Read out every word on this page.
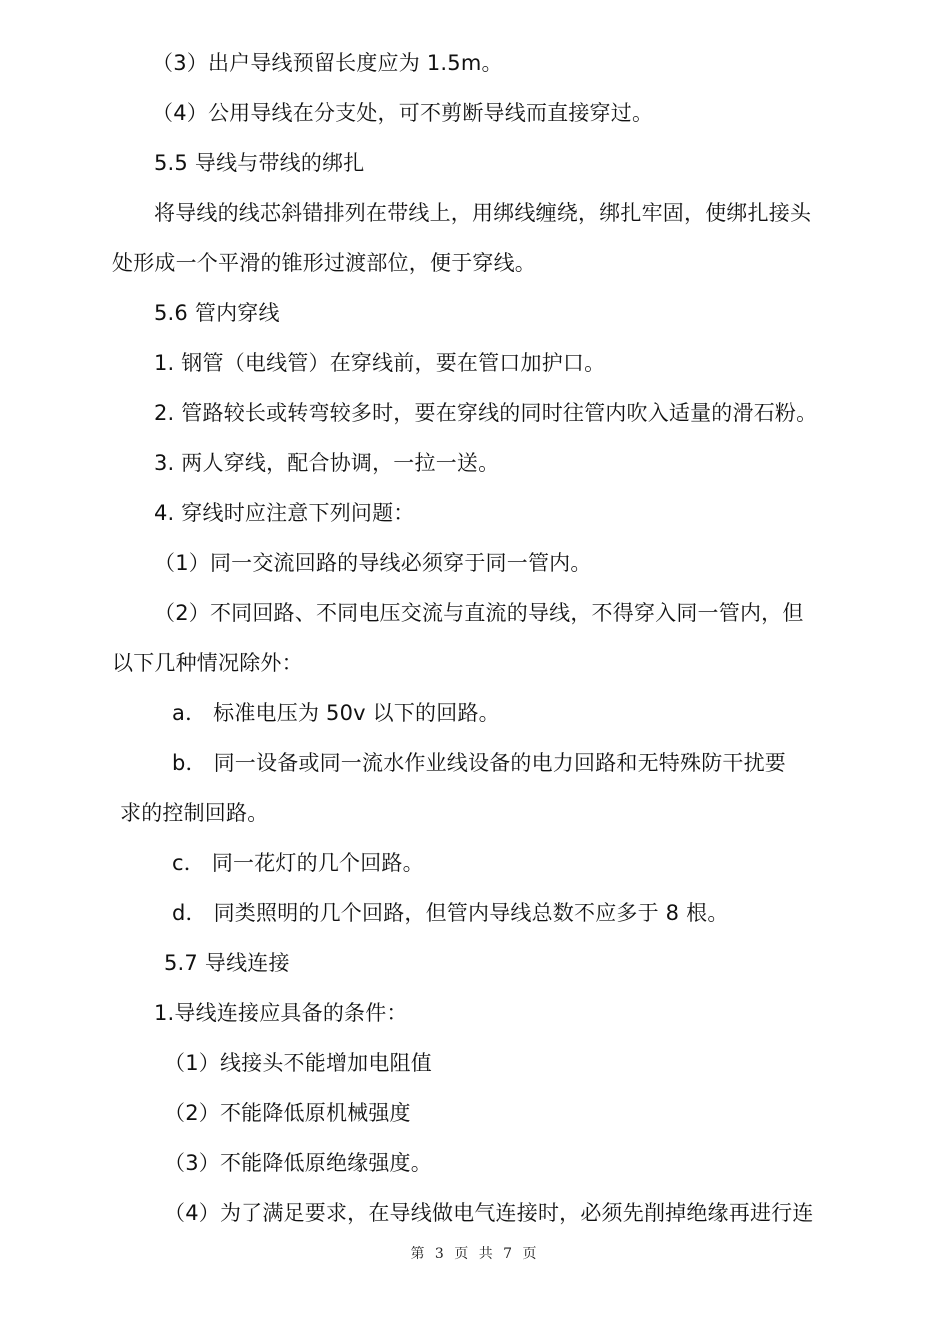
（3）出户导线预留长度应为 1.5m。
（4）公用导线在分支处，可不剪断导线而直接穿过。
5.5 导线与带线的绑扎
将导线的线芯斜错排列在带线上，用绑线缠绕，绑扎牢固，使绑扎接头
处形成一个平滑的锥形过渡部位，便于穿线。
5.6 管内穿线
1. 钢管（电线管）在穿线前，要在管口加护口。
2. 管路较长或转弯较多时，要在穿线的同时往管内吹入适量的滑石粉。
3. 两人穿线，配合协调，一拉一送。
4. 穿线时应注意下列问题：
（1）同一交流回路的导线必须穿于同一管内。
（2）不同回路、不同电压交流与直流的导线，不得穿入同一管内，但
以下几种情况除外：
a． 标准电压为 50v 以下的回路。
b． 同一设备或同一流水作业线设备的电力回路和无特殊防干扰要
求的控制回路。
c． 同一花灯的几个回路。
d． 同类照明的几个回路，但管内导线总数不应多于 8 根。
5.7 导线连接
1.导线连接应具备的条件：
（1）线接头不能增加电阻值
（2）不能降低原机械强度
（3）不能降低原绝缘强度。
（4）为了满足要求，在导线做电气连接时，必须先削掉绝缘再进行连
第 3 页 共 7 页
